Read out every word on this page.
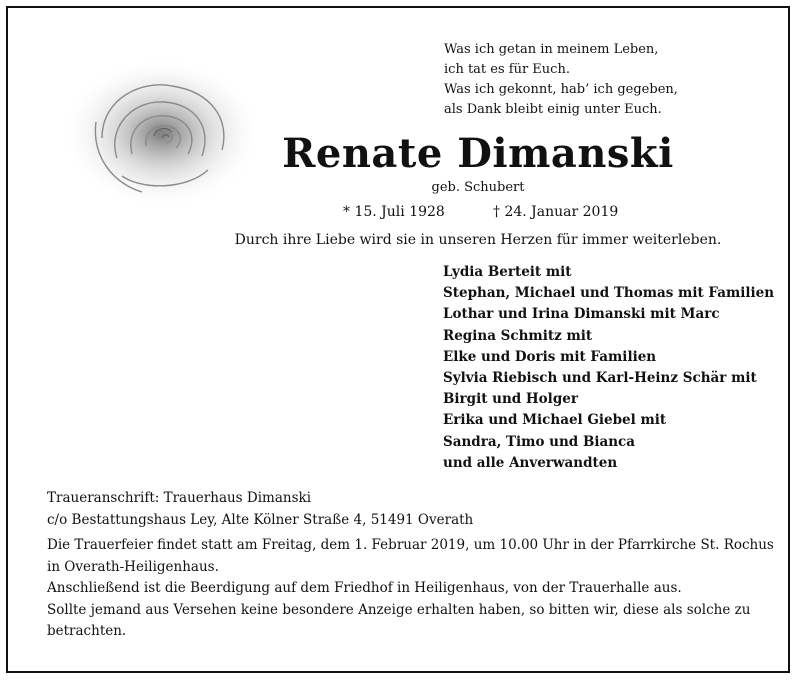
Was ich getan in meinem Leben,
ich tat es für Euch.
Was ich gekonnt, hab’ ich gegeben,
als Dank bleibt einig unter Euch.
Renate Dimanski
geb. Schubert
* 15. Juli 1928	† 24. Januar 2019
Durch ihre Liebe wird sie in unseren Herzen für immer weiterleben.
Lydia Berteit mit
Stephan, Michael und Thomas mit Familien
Lothar und Irina Dimanski mit Marc
Regina Schmitz mit
Elke und Doris mit Familien
Sylvia Riebisch und Karl-Heinz Schär mit
Birgit und Holger
Erika und Michael Giebel mit
Sandra, Timo und Bianca
und alle Anverwandten
Traueranschrift: Trauerhaus Dimanski
c/o Bestattungshaus Ley, Alte Kölner Straße 4, 51491 Overath
Die Trauerfeier findet statt am Freitag, dem 1. Februar 2019, um 10.00 Uhr in der Pfarrkirche St. Rochus
in Overath-Heiligenhaus.
Anschließend ist die Beerdigung auf dem Friedhof in Heiligenhaus, von der Trauerhalle aus.
Sollte jemand aus Versehen keine besondere Anzeige erhalten haben, so bitten wir, diese als solche zu
betrachten.
